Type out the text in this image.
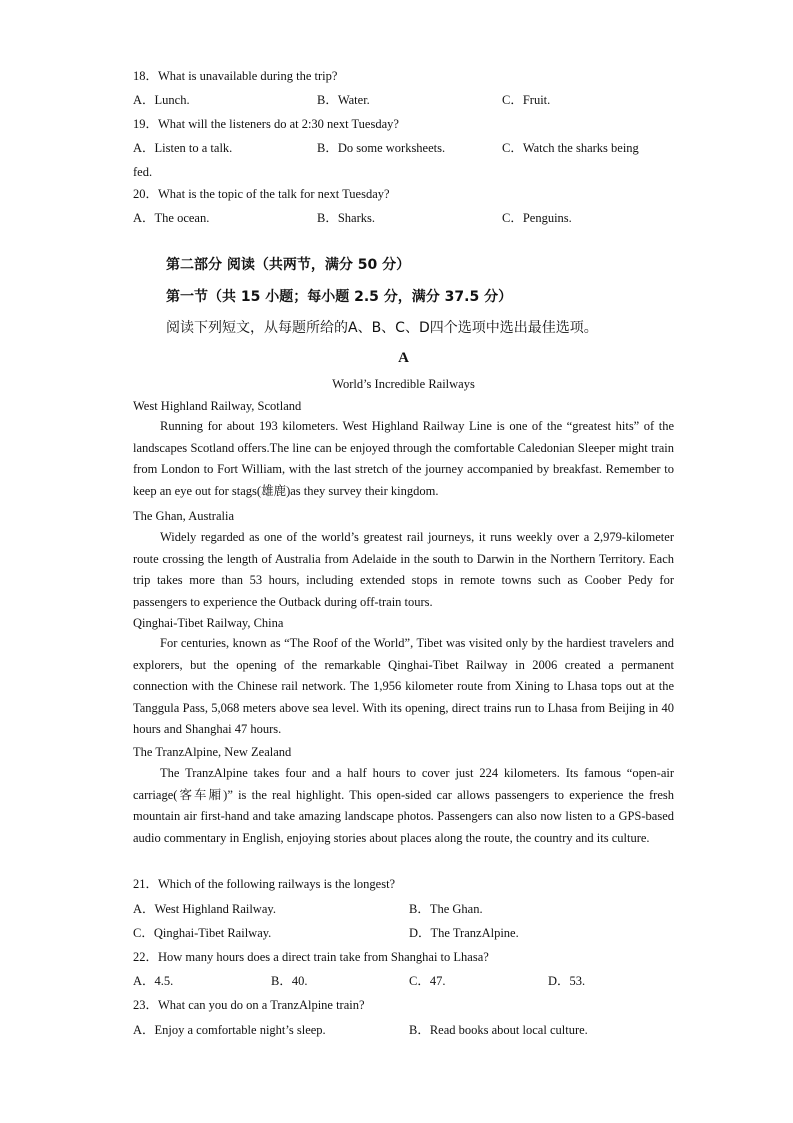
18．What is unavailable during the trip?
A．Lunch.	B．Water.	C．Fruit.
19．What will the listeners do at 2:30 next Tuesday?
A．Listen to a talk.	B．Do some worksheets.	C．Watch the sharks being
fed.
20．What is the topic of the talk for next Tuesday?
A．The ocean.	B．Sharks.	C．Penguins.
第二部分 阅读（共两节，满分 50 分）
第一节（共 15 小题；每小题 2.5 分，满分 37.5 分）
阅读下列短文，从每题所给的A、B、C、D四个选项中选出最佳选项。
A
World’s Incredible Railways
West Highland Railway, Scotland

Running for about 193 kilometers. West Highland Railway Line is one of the “greatest hits” of the landscapes Scotland offers.The line can be enjoyed through the comfortable Caledonian Sleeper might train from London to Fort William, with the last stretch of the journey accompanied by breakfast. Remember to keep an eye out for stags(雄鹿)as they survey their kingdom.

The Ghan, Australia

Widely regarded as one of the world’s greatest rail journeys, it runs weekly over a 2,979-kilometer route crossing the length of Australia from Adelaide in the south to Darwin in the Northern Territory. Each trip takes more than 53 hours, including extended stops in remote towns such as Coober Pedy for passengers to experience the Outback during off-train tours.

Qinghai-Tibet Railway, China

For centuries, known as “The Roof of the World”, Tibet was visited only by the hardiest travelers and explorers, but the opening of the remarkable Qinghai-Tibet Railway in 2006 created a permanent connection with the Chinese rail network. The 1,956 kilometer route from Xining to Lhasa tops out at the Tanggula Pass, 5,068 meters above sea level. With its opening, direct trains run to Lhasa from Beijing in 40 hours and Shanghai 47 hours.

The TranzAlpine, New Zealand

The TranzAlpine takes four and a half hours to cover just 224 kilometers. Its famous “open-air carriage(客车厢)” is the real highlight. This open-sided car allows passengers to experience the fresh mountain air first-hand and take amazing landscape photos. Passengers can also now listen to a GPS-based audio commentary in English, enjoying stories about places along the route, the country and its culture.

21．Which of the following railways is the longest?
A．West Highland Railway.	B．The Ghan.
C．Qinghai-Tibet Railway.	D．The TranzAlpine.
22．How many hours does a direct train take from Shanghai to Lhasa?
A．4.5.	B．40.	C．47.	D．53.
23．What can you do on a TranzAlpine train?
A．Enjoy a comfortable night’s sleep.	B．Read books about local culture.
